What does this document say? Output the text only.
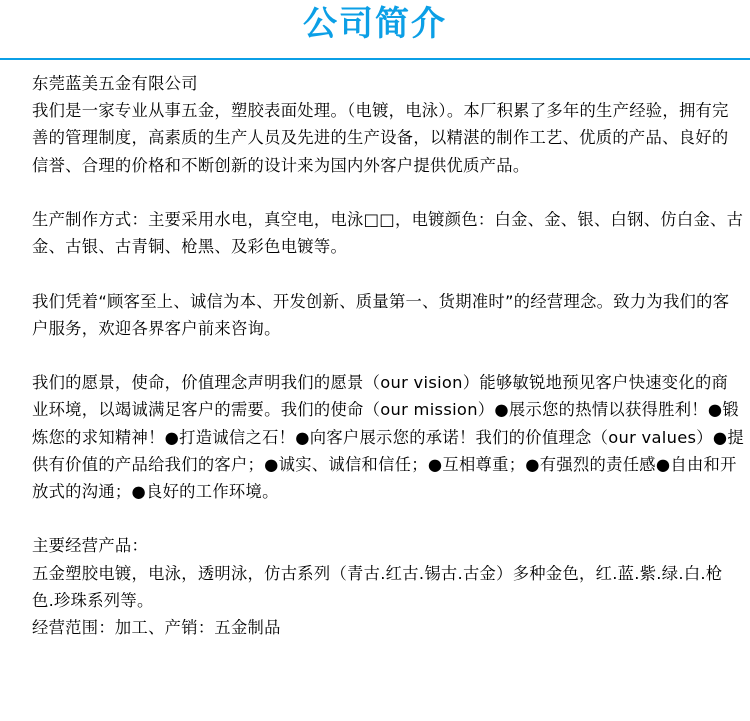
公司简介

东莞蓝美五金有限公司

我们是一家专业从事五金，塑胶表面处理。（电镀，电泳）。本厂积累了多年的生产经验，拥有完善的管理制度，高素质的生产人员及先进的生产设备，以精湛的制作工艺、优质的产品、良好的信誉、合理的价格和不断创新的设计来为国内外客户提供优质产品。

生产制作方式：主要采用水电，真空电，电泳□□，电镀颜色：白金、金、银、白钢、仿白金、古金、古银、古青铜、枪黑、及彩色电镀等。

我们凭着“顾客至上、诚信为本、开发创新、质量第一、货期准时”的经营理念。致力为我们的客户服务，欢迎各界客户前来咨询。

我们的愿景，使命，价值理念声明我们的愿景（our vision）能够敏锐地预见客户快速变化的商业环境，以竭诚满足客户的需要。我们的使命（our mission）●展示您的热情以获得胜利！●锻炼您的求知精神！●打造诚信之石！●向客户展示您的承诺！我们的价值理念（our values）●提供有价值的产品给我们的客户；●诚实、诚信和信任；●互相尊重；●有强烈的责任感●自由和开放式的沟通；●良好的工作环境。

主要经营产品：

五金塑胶电镀，电泳，透明泳，仿古系列（青古.红古.锡古.古金）多种金色，红.蓝.紫.绿.白.枪色.珍珠系列等。

经营范围：加工、产销：五金制品
